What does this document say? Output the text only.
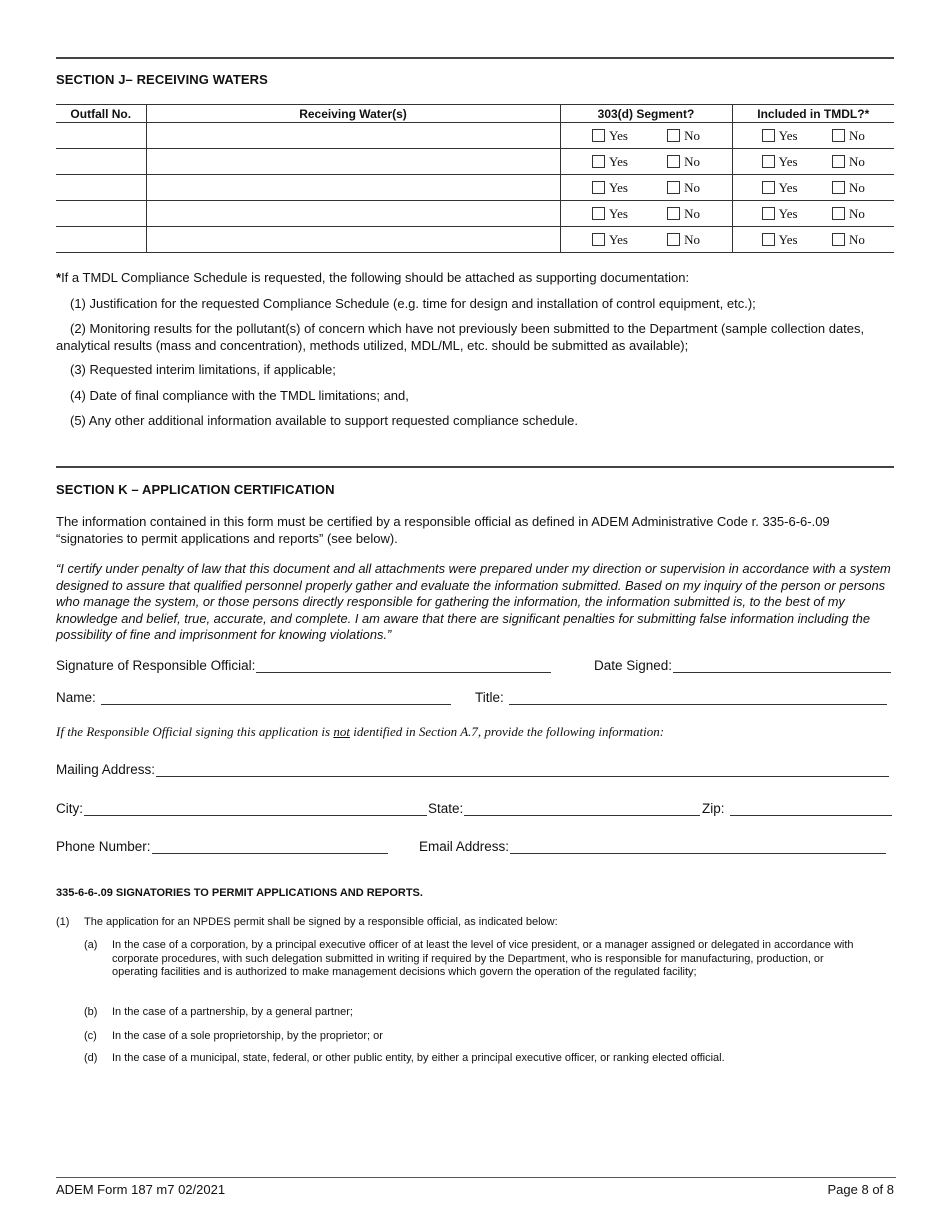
SECTION J– RECEIVING WATERS
Outfall No.	Receiving Water(s)	303(d) Segment?	Included in TMDL?*

		Yes No	Yes No

		Yes No	Yes No

		Yes No	Yes No

		Yes No	Yes No

		Yes No	Yes No
*If a TMDL Compliance Schedule is requested, the following should be attached as supporting documentation:
(1) Justification for the requested Compliance Schedule (e.g. time for design and installation of control equipment, etc.);
(2) Monitoring results for the pollutant(s) of concern which have not previously been submitted to the Department (sample collection dates, analytical results (mass and concentration), methods utilized, MDL/ML, etc. should be submitted as available);
(3) Requested interim limitations, if applicable;
(4) Date of final compliance with the TMDL limitations; and,
(5) Any other additional information available to support requested compliance schedule.
SECTION K – APPLICATION CERTIFICATION
The information contained in this form must be certified by a responsible official as defined in ADEM Administrative Code r. 335-6-6-.09 “signatories to permit applications and reports” (see below).
“I certify under penalty of law that this document and all attachments were prepared under my direction or supervision in accordance with a system designed to assure that qualified personnel properly gather and evaluate the information submitted. Based on my inquiry of the person or persons who manage the system, or those persons directly responsible for gathering the information, the information submitted is, to the best of my knowledge and belief, true, accurate, and complete. I am aware that there are significant penalties for submitting false information including the possibility of fine and imprisonment for knowing violations.”
Signature of Responsible Official:	Date Signed:
Name:	Title:
If the Responsible Official signing this application is not identified in Section A.7, provide the following information:
Mailing Address:
City:	State:	Zip:
Phone Number:	Email Address:
335-6-6-.09 SIGNATORIES TO PERMIT APPLICATIONS AND REPORTS.
(1) The application for an NPDES permit shall be signed by a responsible official, as indicated below:
(a) In the case of a corporation, by a principal executive officer of at least the level of vice president, or a manager assigned or delegated in accordance with corporate procedures, with such delegation submitted in writing if required by the Department, who is responsible for manufacturing, production, or operating facilities and is authorized to make management decisions which govern the operation of the regulated facility;
(b) In the case of a partnership, by a general partner;
(c) In the case of a sole proprietorship, by the proprietor; or
(d) In the case of a municipal, state, federal, or other public entity, by either a principal executive officer, or ranking elected official.
ADEM Form 187 m7 02/2021	Page 8 of 8
